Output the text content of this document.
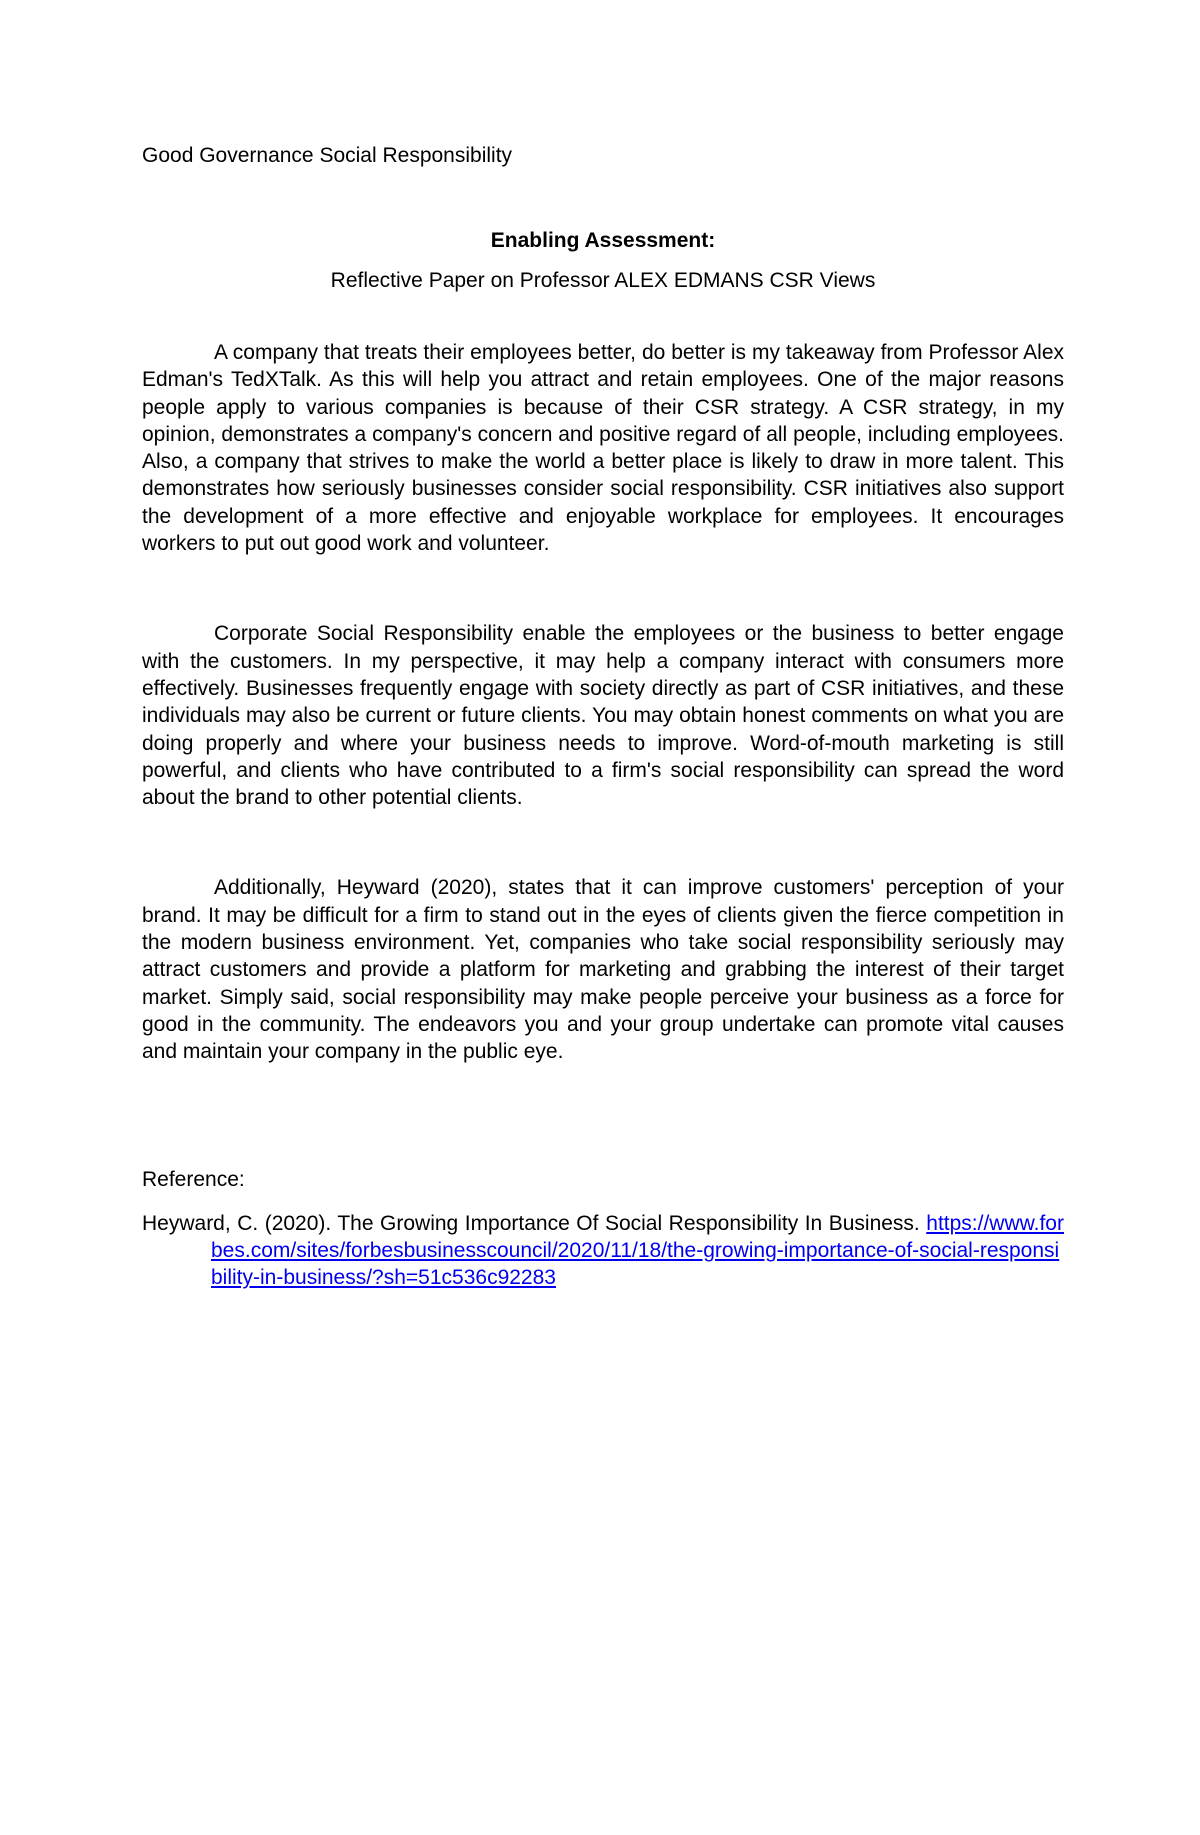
Good Governance Social Responsibility

Enabling Assessment:

Reflective Paper on Professor ALEX EDMANS CSR Views

A company that treats their employees better, do better is my takeaway from Professor Alex Edman's TedXTalk. As this will help you attract and retain employees. One of the major reasons people apply to various companies is because of their CSR strategy. A CSR strategy, in my opinion, demonstrates a company's concern and positive regard of all people, including employees. Also, a company that strives to make the world a better place is likely to draw in more talent. This demonstrates how seriously businesses consider social responsibility. CSR initiatives also support the development of a more effective and enjoyable workplace for employees. It encourages workers to put out good work and volunteer.

Corporate Social Responsibility enable the employees or the business to better engage with the customers. In my perspective, it may help a company interact with consumers more effectively. Businesses frequently engage with society directly as part of CSR initiatives, and these individuals may also be current or future clients. You may obtain honest comments on what you are doing properly and where your business needs to improve. Word-of-mouth marketing is still powerful, and clients who have contributed to a firm's social responsibility can spread the word about the brand to other potential clients.

Additionally, Heyward (2020), states that it can improve customers' perception of your brand. It may be difficult for a firm to stand out in the eyes of clients given the fierce competition in the modern business environment. Yet, companies who take social responsibility seriously may attract customers and provide a platform for marketing and grabbing the interest of their target market. Simply said, social responsibility may make people perceive your business as a force for good in the community. The endeavors you and your group undertake can promote vital causes and maintain your company in the public eye.

Reference:

Heyward, C. (2020). The Growing Importance Of Social Responsibility In Business. https://www.forbes.com/sites/forbesbusinesscouncil/2020/11/18/the-growing-importance-of-social-responsibility-in-business/?sh=51c536c92283
